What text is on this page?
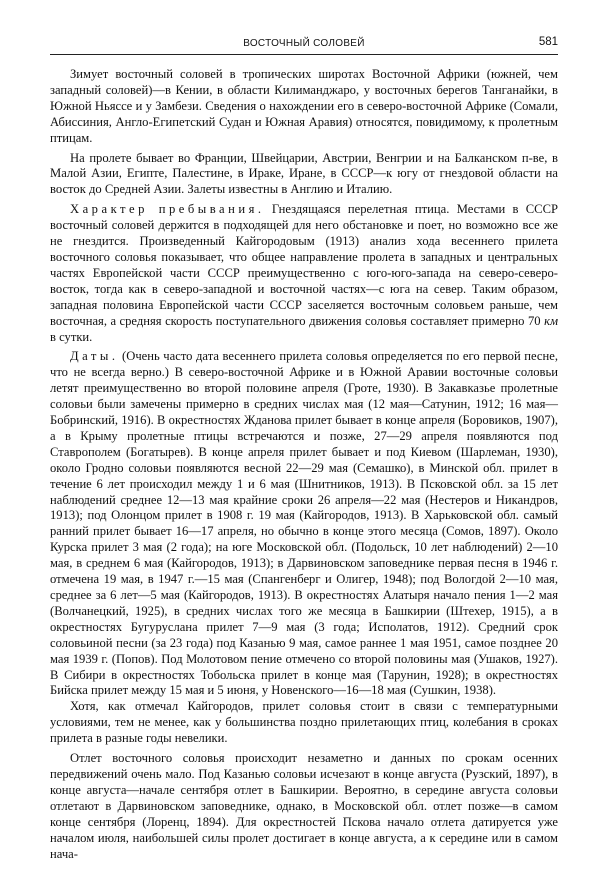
ВОСТОЧНЫЙ СОЛОВЕЙ	581

Зимует восточный соловей в тропических широтах Восточной Африки (южней, чем западный соловей)—в Кении, в области Килиманджаро, у восточных берегов Танганайки, в Южной Ньясcе и у Замбези. Сведения о нахождении его в северо-восточной Африке (Сомали, Абиссиния, Англо-Египетский Судан и Южная Аравия) относятся, повидимому, к пролетным птицам.

На пролете бывает во Франции, Швейцарии, Австрии, Венгрии и на Балканском п-ве, в Малой Азии, Египте, Палестине, в Ираке, Иране, в СССР—к югу от гнездовой области на восток до Средней Азии. Залеты известны в Англию и Италию.

Характер пребывания. Гнездящаяся перелетная птица. Местами в СССР восточный соловей держится в подходящей для него обстановке и поет, но возможно все же не гнездится. Произведенный Кайгородовым (1913) анализ хода весеннего прилета восточного соловья показывает, что общее направление пролета в западных и центральных частях Европейской части СССР преимущественно с юго-юго-запада на северо-северо-восток, тогда как в северо-западной и восточной частях—с юга на север. Таким образом, западная половина Европейской части СССР заселяется восточным соловьем раньше, чем восточная, а средняя скорость поступательного движения соловья составляет примерно 70 км в сутки.

Даты. (Очень часто дата весеннего прилета соловья определяется по его первой песне, что не всегда верно.) В северо-восточной Африке и в Южной Аравии восточные соловьи летят преимущественно во второй половине апреля (Гроте, 1930). В Закавказье пролетные соловьи были замечены примерно в средних числах мая (12 мая—Сатунин, 1912; 16 мая—Бобринский, 1916). В окрестностях Жданова прилет бывает в конце апреля (Боровиков, 1907), а в Крыму пролетные птицы встречаются и позже, 27—29 апреля появляются под Ставрополем (Богатырев). В конце апреля прилет бывает и под Киевом (Шарлеман, 1930), около Гродно соловьи появляются весной 22—29 мая (Семашко), в Минской обл. прилет в течение 6 лет происходил между 1 и 6 мая (Шнитников, 1913). В Псковской обл. за 15 лет наблюдений среднее 12—13 мая крайние сроки 26 апреля—22 мая (Нестеров и Никандров, 1913); под Олонцом прилет в 1908 г. 19 мая (Кайгородов, 1913). В Харьковской обл. самый ранний прилет бывает 16—17 апреля, но обычно в конце этого месяца (Сомов, 1897). Около Курска прилет 3 мая (2 года); на юге Московской обл. (Подольск, 10 лет наблюдений) 2—10 мая, в среднем 6 мая (Кайгородов, 1913); в Дарвиновском заповеднике первая песня в 1946 г. отмечена 19 мая, в 1947 г.—15 мая (Спангенберг и Олигер, 1948); под Вологдой 2—10 мая, среднее за 6 лет—5 мая (Кайгородов, 1913). В окрестностях Алатыря начало пения 1—2 мая (Волчанецкий, 1925), в средних числах того же месяца в Башкирии (Штехер, 1915), а в окрестностях Бугуруслана прилет 7—9 мая (3 года; Исполатов, 1912). Средний срок соловьиной песни (за 23 года) под Казанью 9 мая, самое раннее 1 мая 1951, самое позднее 20 мая 1939 г. (Попов). Под Молотовом пение отмечено со второй половины мая (Ушаков, 1927). В Сибири в окрестностях Тобольска прилет в конце мая (Тарунин, 1928); в окрестностях Бийска прилет между 15 мая и 5 июня, у Новенского—16—18 мая (Сушкин, 1938).

Хотя, как отмечал Кайгородов, прилет соловья стоит в связи с температурными условиями, тем не менее, как у большинства поздно прилетающих птиц, колебания в сроках прилета в разные годы невелики.

Отлет восточного соловья происходит незаметно и данных по срокам осенних передвижений очень мало. Под Казанью соловьи исчезают в конце августа (Рузский, 1897), в конце августа—начале сентября отлет в Башкирии. Вероятно, в середине августа соловьи отлетают в Дарвиновском заповеднике, однако, в Московской обл. отлет позже—в самом конце сентября (Лоренц, 1894). Для окрестностей Пскова начало отлета датируется уже началом июля, наибольшей силы пролет достигает в конце августа, а к середине или в самом нача-
